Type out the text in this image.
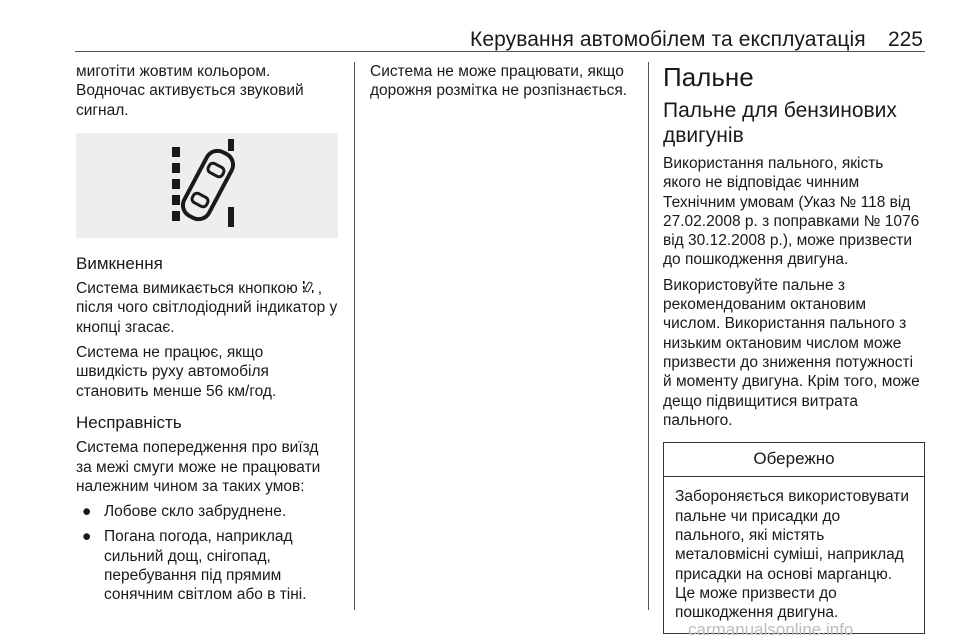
Керування автомобілем та експлуатація 225

миготіти жовтим кольором.
Водночас активується звуковий
сигнал.

Вимкнення

Система вимикається кнопкою , після чого світлодіодний індикатор у кнопці згасає.

Система не працює, якщо швидкість руху автомобіля становить менше 56 км/год.

Несправність

Система попередження про виїзд за межі смуги може не працювати належним чином за таких умов:

● Лобове скло забруднене.
● Погана погода, наприклад сильний дощ, снігопад, перебування під прямим сонячним світлом або в тіні.

Система не може працювати, якщо дорожня розмітка не розпізнається.	Пальне
Пальне для бензинових двигунів

Використання пального, якість якого не відповідає чинним Технічним умовам (Указ № 118 від 27.02.2008 р. з поправками № 1076 від 30.12.2008 р.), може призвести до пошкодження двигуна.

Використовуйте пальне з рекомендованим октановим числом. Використання пального з низьким октановим числом може призвести до зниження потужності й моменту двигуна. Крім того, може дещо підвищитися витрата пального.

Обережно
Забороняється використовувати пальне чи присадки до пального, які містять металовмісні суміші, наприклад присадки на основі марганцю. Це може призвести до пошкодження двигуна.
carmanualsonline.info
